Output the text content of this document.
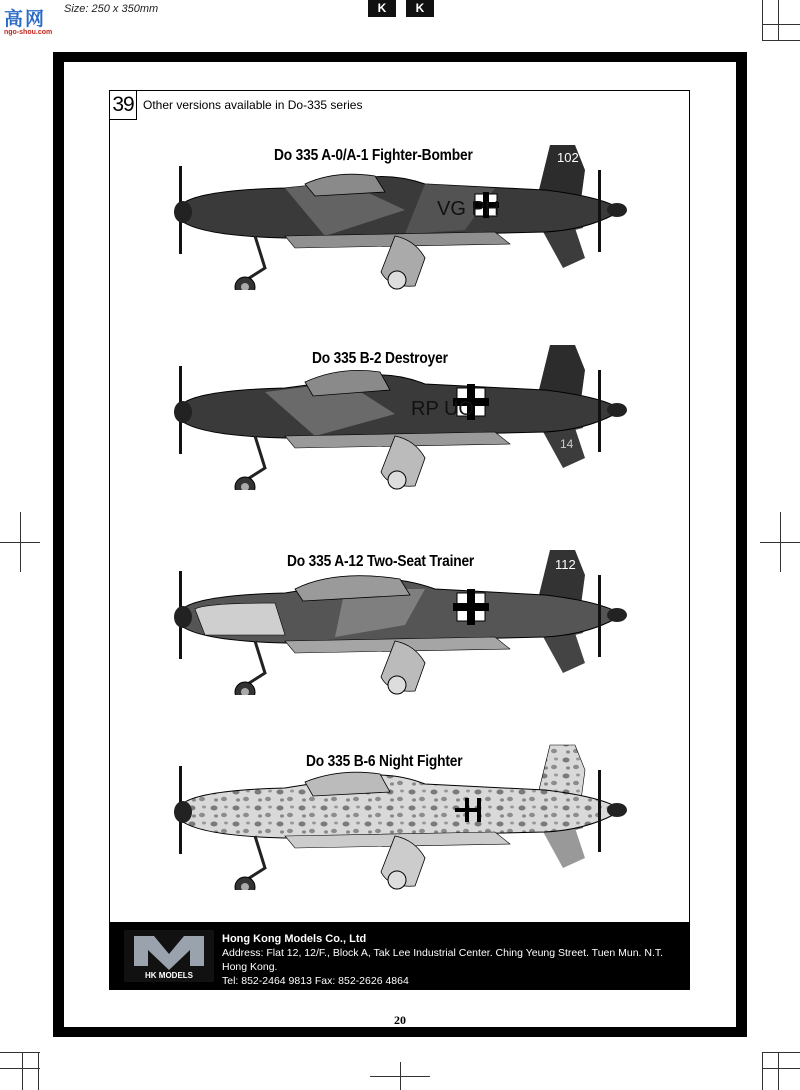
高网
ngo-shou.com
Size: 250 x 350mm	K	K
39 Other versions available in Do-335 series
Do 335 A-0/A-1 Fighter-Bomber
Do 335 B-2 Destroyer
Do 335 A-12 Two-Seat Trainer
Do 335 B-6 Night Fighter
VG PH
102
RP UO
14
112
HK MODELS
Hong Kong Models Co., Ltd
Address: Flat 12, 12/F., Block A, Tak Lee Industrial Center. Ching Yeung Street. Tuen Mun. N.T. Hong Kong.
Tel: 852-2464 9813 Fax: 852-2626 4864
Website: www.hk-models.com E-mail: info@hk-models.com
20
